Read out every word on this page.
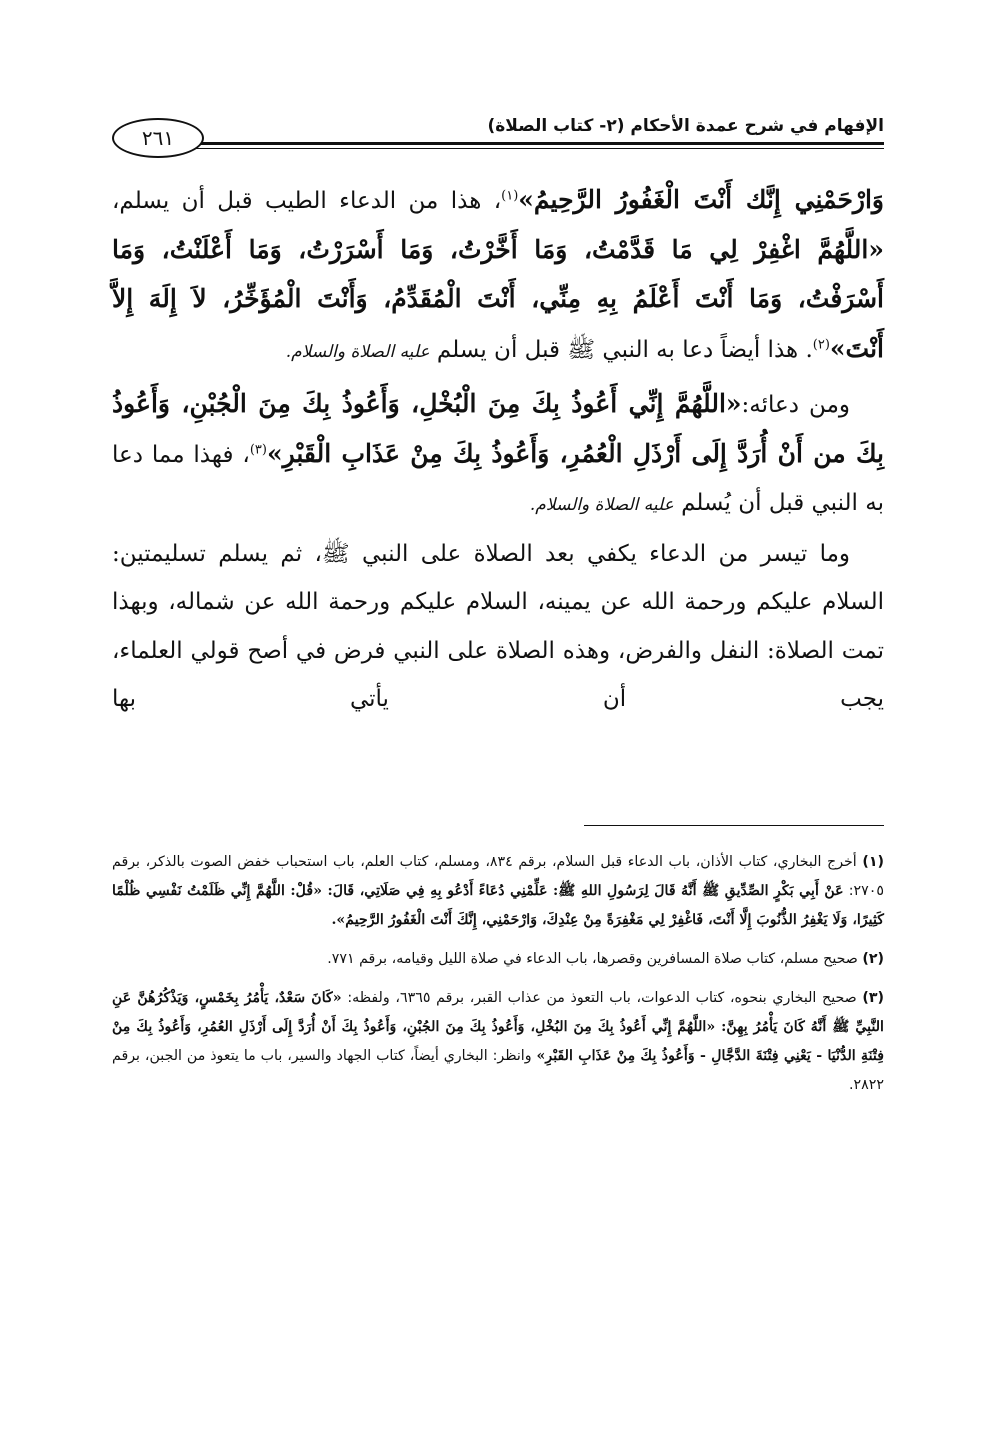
الإفهام في شرح عمدة الأحكام (٢- كتاب الصلاة)
٢٦١

وَارْحَمْنِي إِنَّك أَنْتَ الْغَفُورُ الرَّحِيمُ»$^{(١)}$، هذا من الدعاء الطيب قبل أن يسلم، «اللَّهُمَّ اغْفِرْ لِي مَا قَدَّمْتُ، وَمَا أَخَّرْتُ، وَمَا أَسْرَرْتُ، وَمَا أَعْلَنْتُ، وَمَا أَسْرَفْتُ، وَمَا أَنْتَ أَعْلَمُ بِهِ مِنِّي، أَنْتَ الْمُقَدِّمُ، وَأَنْتَ الْمُؤَخِّرُ، لاَ إِلَهَ إِلاَّ أَنْتَ»$^{(٢)}$. هذا أيضاً دعا به النبي ﷺ قبل أن يسلم عليه الصلاة والسلام.

ومن دعائه:«اللَّهُمَّ إِنِّي أَعُوذُ بِكَ مِنَ الْبُخْلِ، وَأَعُوذُ بِكَ مِنَ الْجُبْنِ، وَأَعُوذُ بِكَ من أَنْ أُرَدَّ إِلَى أَرْذَلِ الْعُمُرِ، وَأَعُوذُ بِكَ مِنْ عَذَابِ الْقَبْرِ»$^{(٣)}$، فهذا مما دعا به النبي قبل أن يُسلم عليه الصلاة والسلام.

وما تيسر من الدعاء يكفي بعد الصلاة على النبي ﷺ، ثم يسلم تسليمتين: السلام عليكم ورحمة الله عن يمينه، السلام عليكم ورحمة الله عن شماله، وبهذا تمت الصلاة: النفل والفرض، وهذه الصلاة على النبي فرض في أصح قولي العلماء، يجب أن يأتي بها

(١) أخرج البخاري، كتاب الأذان، باب الدعاء قبل السلام، برقم ٨٣٤، ومسلم، كتاب العلم، باب استحباب خفض الصوت بالذكر، برقم ٢٧٠٥: عَنْ أَبِي بَكْرٍ الصِّدِّيقِ ﷺ أَنَّهُ قَالَ لِرَسُولِ اللهِ ﷺ: عَلِّمْنِي دُعَاءً أَدْعُو بِهِ فِي صَلَاتِي، قَالَ: «قُلْ: اللَّهُمَّ إِنِّي ظَلَمْتُ نَفْسِي ظُلْمًا كَثِيرًا، وَلَا يَغْفِرُ الذُّنُوبَ إِلَّا أَنْتَ، فَاغْفِرْ لِي مَغْفِرَةً مِنْ عِنْدِكَ، وَارْحَمْنِي، إِنَّكَ أَنْتَ الْغَفُورُ الرَّحِيمُ».

(٢) صحيح مسلم، كتاب صلاة المسافرين وقصرها، باب الدعاء في صلاة الليل وقيامه، برقم ٧٧١.

(٣) صحيح البخاري بنحوه، كتاب الدعوات، باب التعوذ من عذاب القبر، برقم ٦٣٦٥، ولفظه: «كَانَ سَعْدٌ، يَأْمُرُ بِخَمْسٍ، وَيَذْكُرُهُنَّ عَنِ النَّبِيِّ ﷺ أَنَّهُ كَانَ يَأْمُرُ بِهِنَّ: «اللَّهُمَّ إِنِّي أَعُوذُ بِكَ مِنَ البُخْلِ، وَأَعُوذُ بِكَ مِنَ الجُبْنِ، وَأَعُوذُ بِكَ أَنْ أُرَدَّ إِلَى أَرْذَلِ العُمُرِ، وَأَعُوذُ بِكَ مِنْ فِتْنَةِ الدُّنْيَا - يَعْنِي فِتْنَةَ الدَّجَّالِ - وَأَعُوذُ بِكَ مِنْ عَذَابِ القَبْرِ» وانظر: البخاري أيضاً، كتاب الجهاد والسير، باب ما يتعوذ من الجبن، برقم ٢٨٢٢.
